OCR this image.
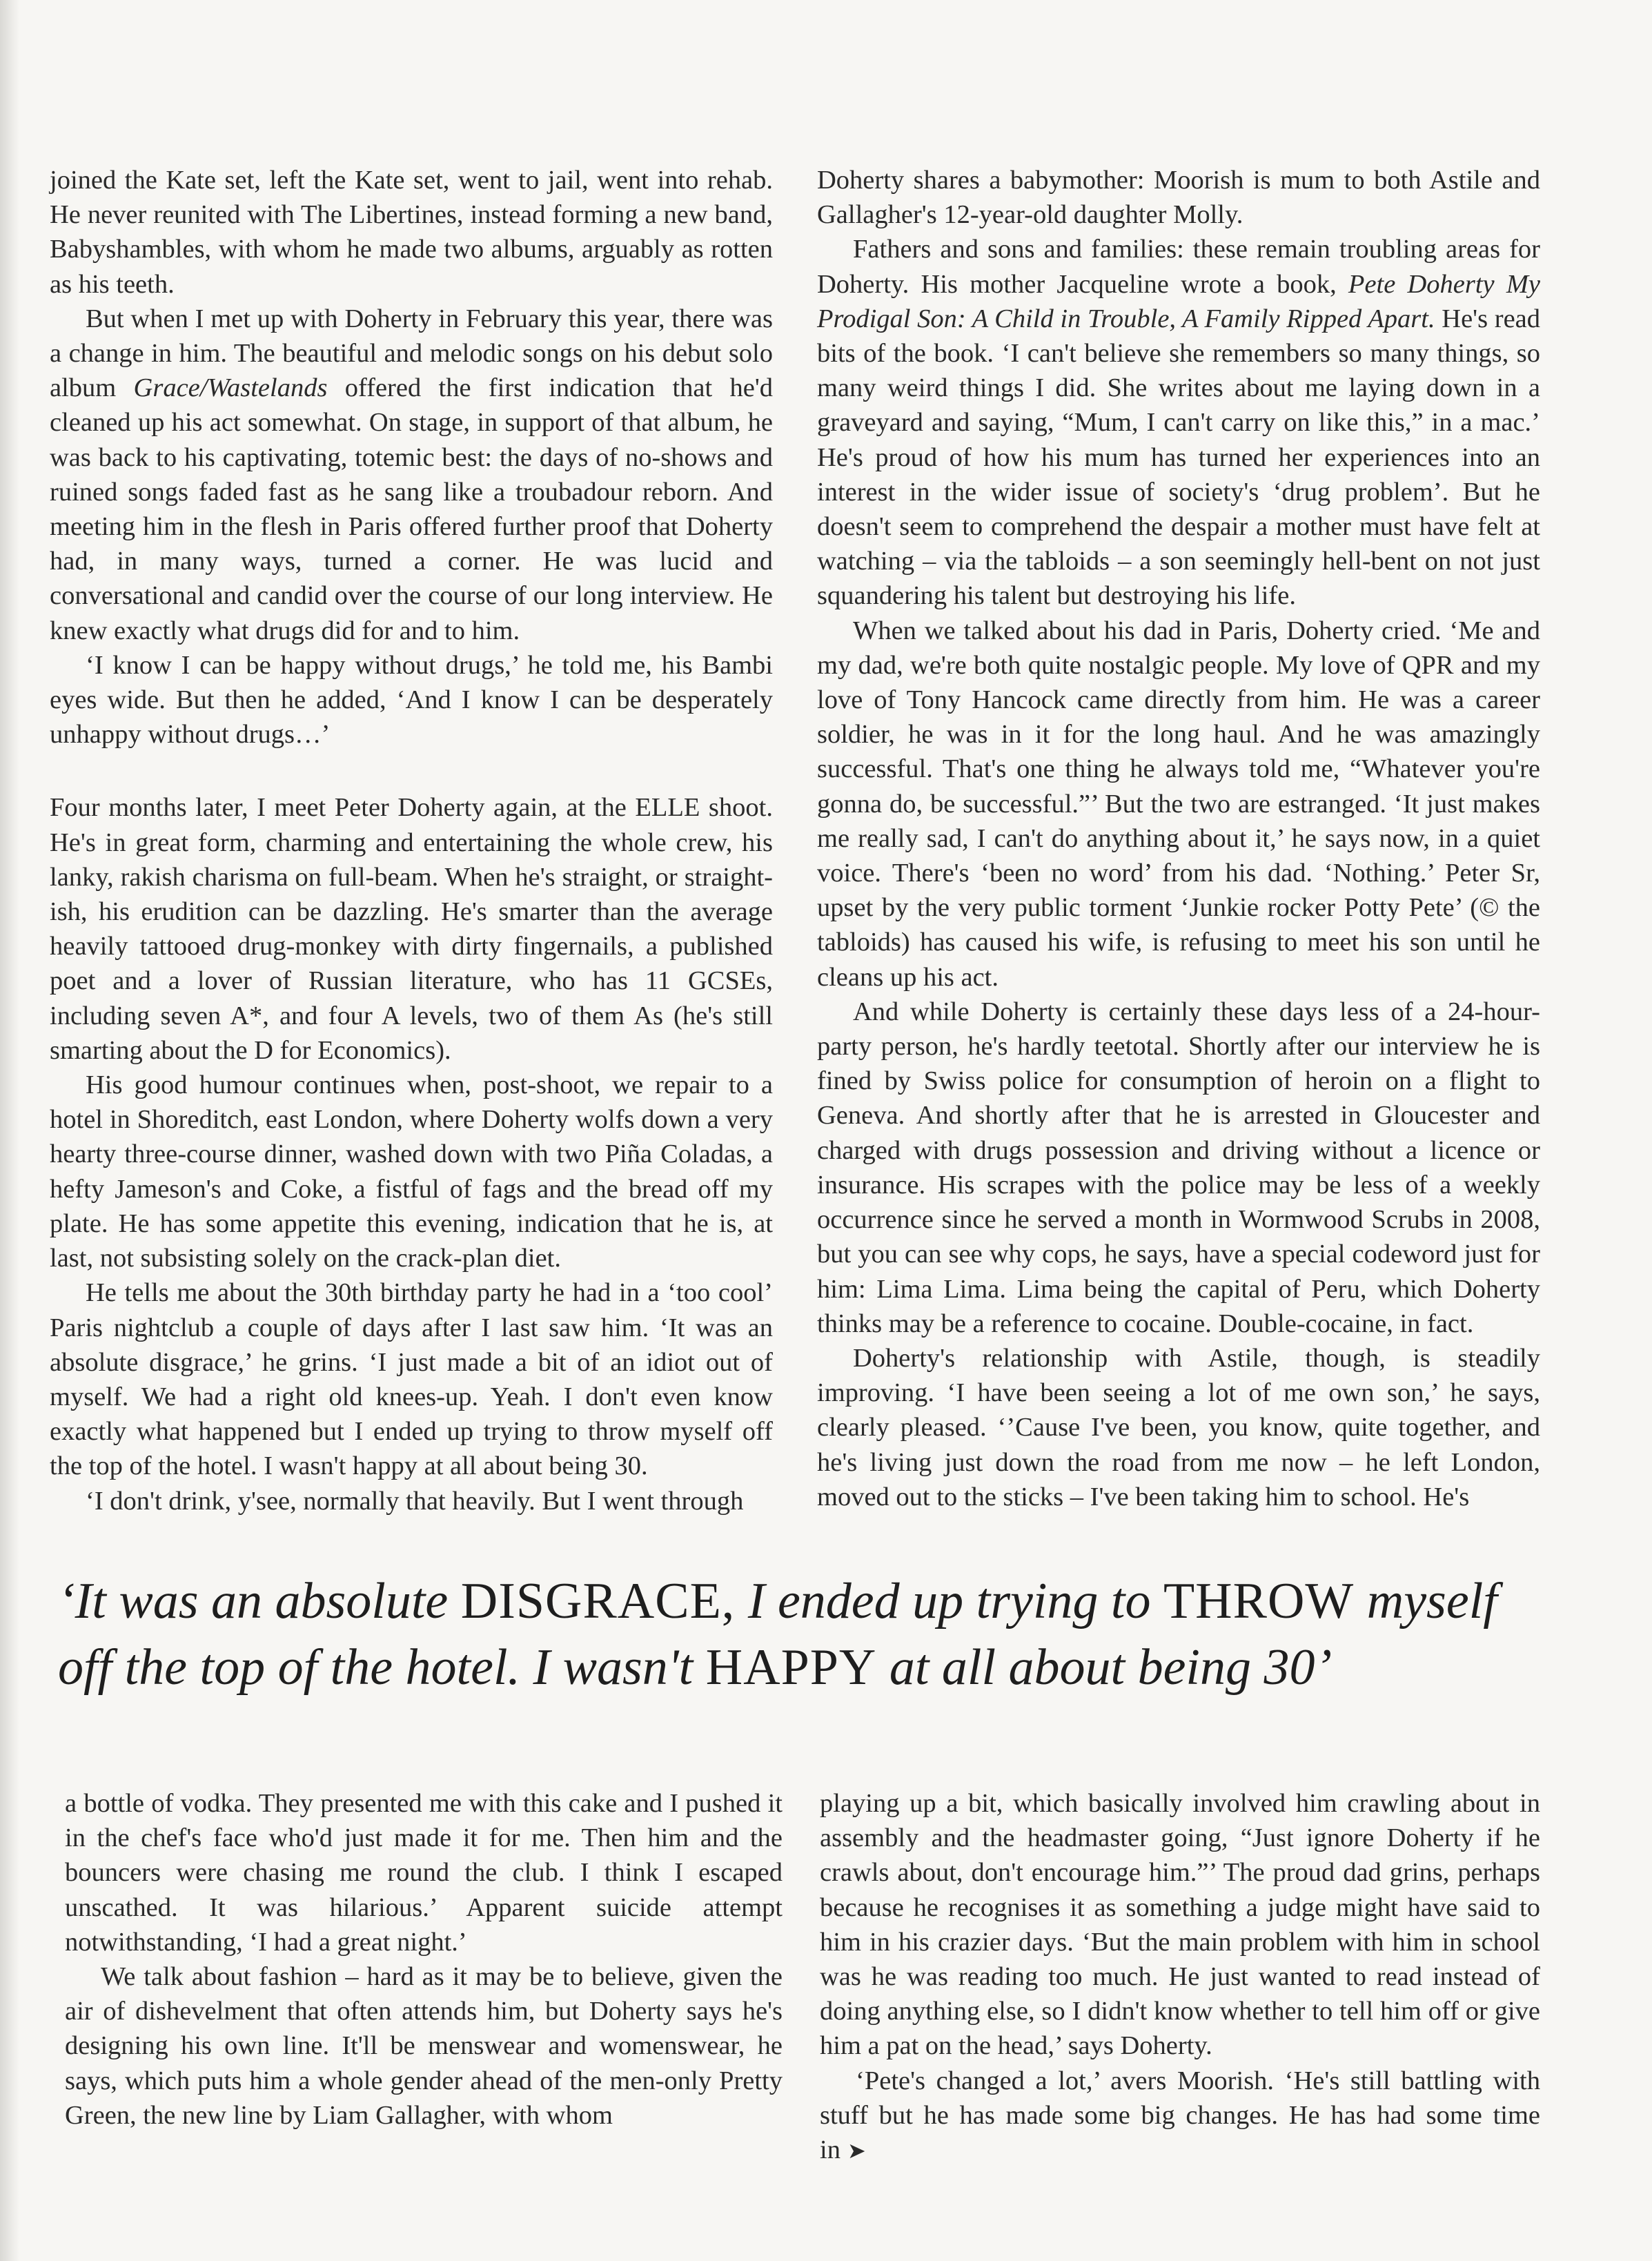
joined the Kate set, left the Kate set, went to jail, went into rehab. He never reunited with The Libertines, instead forming a new band, Babyshambles, with whom he made two albums, arguably as rotten as his teeth.

But when I met up with Doherty in February this year, there was a change in him. The beautiful and melodic songs on his debut solo album Grace/Wastelands offered the first indication that he'd cleaned up his act somewhat. On stage, in support of that album, he was back to his captivating, totemic best: the days of no-shows and ruined songs faded fast as he sang like a troubadour reborn. And meeting him in the flesh in Paris offered further proof that Doherty had, in many ways, turned a corner. He was lucid and conversational and candid over the course of our long interview. He knew exactly what drugs did for and to him.

‘I know I can be happy without drugs,’ he told me, his Bambi eyes wide. But then he added, ‘And I know I can be desperately unhappy without drugs…’

Four months later, I meet Peter Doherty again, at the ELLE shoot. He's in great form, charming and entertaining the whole crew, his lanky, rakish charisma on full-beam. When he's straight, or straight-ish, his erudition can be dazzling. He's smarter than the average heavily tattooed drug-monkey with dirty fingernails, a published poet and a lover of Russian literature, who has 11 GCSEs, including seven A*, and four A levels, two of them As (he's still smarting about the D for Economics).

His good humour continues when, post-shoot, we repair to a hotel in Shoreditch, east London, where Doherty wolfs down a very hearty three-course dinner, washed down with two Piña Coladas, a hefty Jameson's and Coke, a fistful of fags and the bread off my plate. He has some appetite this evening, indication that he is, at last, not subsisting solely on the crack-plan diet.

He tells me about the 30th birthday party he had in a ‘too cool’ Paris nightclub a couple of days after I last saw him. ‘It was an absolute disgrace,’ he grins. ‘I just made a bit of an idiot out of myself. We had a right old knees-up. Yeah. I don't even know exactly what happened but I ended up trying to throw myself off the top of the hotel. I wasn't happy at all about being 30.

‘I don't drink, y'see, normally that heavily. But I went through

Doherty shares a babymother: Moorish is mum to both Astile and Gallagher's 12-year-old daughter Molly.

Fathers and sons and families: these remain troubling areas for Doherty. His mother Jacqueline wrote a book, Pete Doherty My Prodigal Son: A Child in Trouble, A Family Ripped Apart. He's read bits of the book. ‘I can't believe she remembers so many things, so many weird things I did. She writes about me laying down in a graveyard and saying, “Mum, I can't carry on like this,” in a mac.’ He's proud of how his mum has turned her experiences into an interest in the wider issue of society's ‘drug problem’. But he doesn't seem to comprehend the despair a mother must have felt at watching – via the tabloids – a son seemingly hell-bent on not just squandering his talent but destroying his life.

When we talked about his dad in Paris, Doherty cried. ‘Me and my dad, we're both quite nostalgic people. My love of QPR and my love of Tony Hancock came directly from him. He was a career soldier, he was in it for the long haul. And he was amazingly successful. That's one thing he always told me, “Whatever you're gonna do, be successful.”’ But the two are estranged. ‘It just makes me really sad, I can't do anything about it,’ he says now, in a quiet voice. There's ‘been no word’ from his dad. ‘Nothing.’ Peter Sr, upset by the very public torment ‘Junkie rocker Potty Pete’ (© the tabloids) has caused his wife, is refusing to meet his son until he cleans up his act.

And while Doherty is certainly these days less of a 24-hour-party person, he's hardly teetotal. Shortly after our interview he is fined by Swiss police for consumption of heroin on a flight to Geneva. And shortly after that he is arrested in Gloucester and charged with drugs possession and driving without a licence or insurance. His scrapes with the police may be less of a weekly occurrence since he served a month in Wormwood Scrubs in 2008, but you can see why cops, he says, have a special codeword just for him: Lima Lima. Lima being the capital of Peru, which Doherty thinks may be a reference to cocaine. Double-cocaine, in fact.

Doherty's relationship with Astile, though, is steadily improving. ‘I have been seeing a lot of me own son,’ he says, clearly pleased. ‘’Cause I've been, you know, quite together, and he's living just down the road from me now – he left London, moved out to the sticks – I've been taking him to school. He's

‘It was an absolute DISGRACE, I ended up trying to THROW myself off the top of the hotel. I wasn't HAPPY at all about being 30’

a bottle of vodka. They presented me with this cake and I pushed it in the chef's face who'd just made it for me. Then him and the bouncers were chasing me round the club. I think I escaped unscathed. It was hilarious.’ Apparent suicide attempt notwithstanding, ‘I had a great night.’

We talk about fashion – hard as it may be to believe, given the air of dishevelment that often attends him, but Doherty says he's designing his own line. It'll be menswear and womenswear, he says, which puts him a whole gender ahead of the men-only Pretty Green, the new line by Liam Gallagher, with whom

playing up a bit, which basically involved him crawling about in assembly and the headmaster going, “Just ignore Doherty if he crawls about, don't encourage him.”’ The proud dad grins, perhaps because he recognises it as something a judge might have said to him in his crazier days. ‘But the main problem with him in school was he was reading too much. He just wanted to read instead of doing anything else, so I didn't know whether to tell him off or give him a pat on the head,’ says Doherty.

‘Pete's changed a lot,’ avers Moorish. ‘He's still battling with stuff but he has made some big changes. He has had some time in ➤
